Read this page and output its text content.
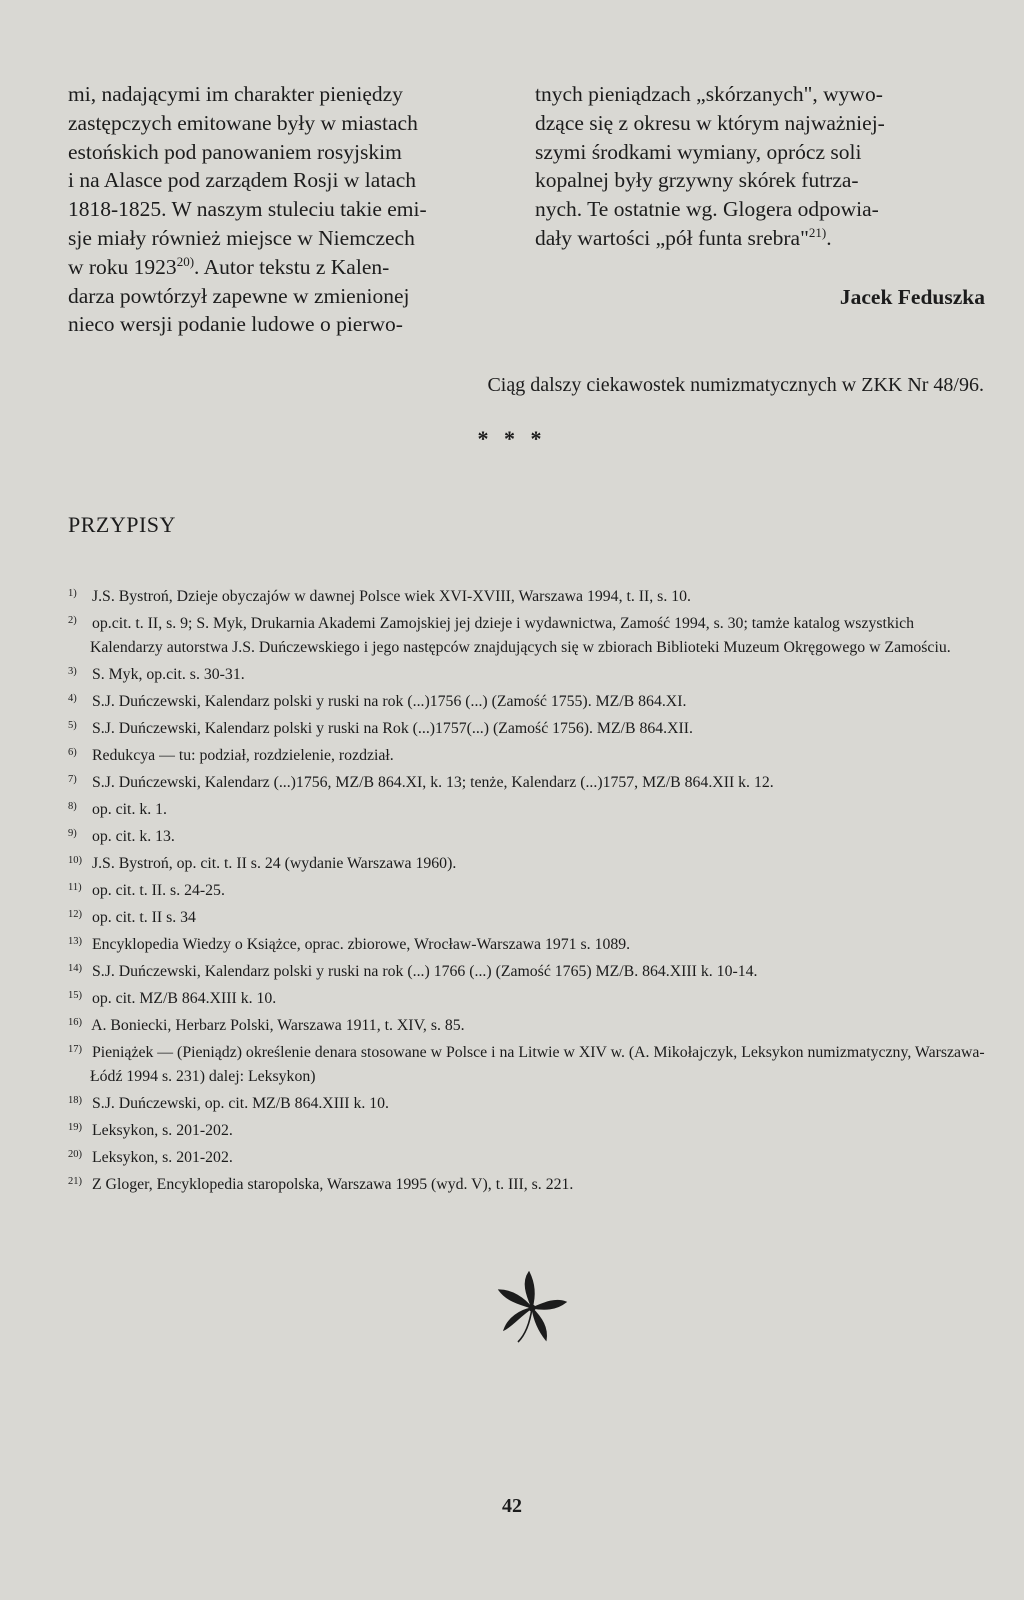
mi, nadającymi im charakter pieniędzy

zastępczych emitowane były w miastach

estońskich pod panowaniem rosyjskim

i na Alasce pod zarządem Rosji w latach

1818-1825. W naszym stuleciu takie emi-

sje miały również miejsce w Niemczech

w roku 1923$^{20)}$. Autor tekstu z Kalen-

darza powtórzył zapewne w zmienionej

nieco wersji podanie ludowe o pierwo-

tnych pieniądzach „skórzanych", wywo-

dzące się z okresu w którym najważniej-

szymi środkami wymiany, oprócz soli

kopalnej były grzywny skórek futrza-

nych. Te ostatnie wg. Glogera odpowia-

dały wartości „pół funta srebra"$^{21)}$.

Jacek Feduszka
Ciąg dalszy ciekawostek numizmatycznych w ZKK Nr 48/96.
* * *
PRZYPISY
1) J.S. Bystroń, Dzieje obyczajów w dawnej Polsce wiek XVI-XVIII, Warszawa 1994, t. II, s. 10.
2) op.cit. t. II, s. 9; S. Myk, Drukarnia Akademi Zamojskiej jej dzieje i wydawnictwa, Zamość 1994, s. 30; tamże katalog wszystkich Kalendarzy autorstwa J.S. Duńczewskiego i jego następców znajdujących się w zbiorach Biblioteki Muzeum Okręgowego w Zamościu.
3) S. Myk, op.cit. s. 30-31.
4) S.J. Duńczewski, Kalendarz polski y ruski na rok (...)1756 (...) (Zamość 1755). MZ/B 864.XI.
5) S.J. Duńczewski, Kalendarz polski y ruski na Rok (...)1757(...) (Zamość 1756). MZ/B 864.XII.
6) Redukcya — tu: podział, rozdzielenie, rozdział.
7) S.J. Duńczewski, Kalendarz (...)1756, MZ/B 864.XI, k. 13; tenże, Kalendarz (...)1757, MZ/B 864.XII k. 12.
8) op. cit. k. 1.
9) op. cit. k. 13.
10) J.S. Bystroń, op. cit. t. II s. 24 (wydanie Warszawa 1960).
11) op. cit. t. II. s. 24-25.
12) op. cit. t. II s. 34
13) Encyklopedia Wiedzy o Książce, oprac. zbiorowe, Wrocław-Warszawa 1971 s. 1089.
14) S.J. Duńczewski, Kalendarz polski y ruski na rok (...) 1766 (...) (Zamość 1765) MZ/B. 864.XIII k. 10-14.
15) op. cit. MZ/B 864.XIII k. 10.
16) A. Boniecki, Herbarz Polski, Warszawa 1911, t. XIV, s. 85.
17) Pieniążek — (Pieniądz) określenie denara stosowane w Polsce i na Litwie w XIV w. (A. Mikołajczyk, Leksykon numizmatyczny, Warszawa-Łódź 1994 s. 231) dalej: Leksykon)
18) S.J. Duńczewski, op. cit. MZ/B 864.XIII k. 10.
19) Leksykon, s. 201-202.
20) Leksykon, s. 201-202.
21) Z Gloger, Encyklopedia staropolska, Warszawa 1995 (wyd. V), t. III, s. 221.
42
